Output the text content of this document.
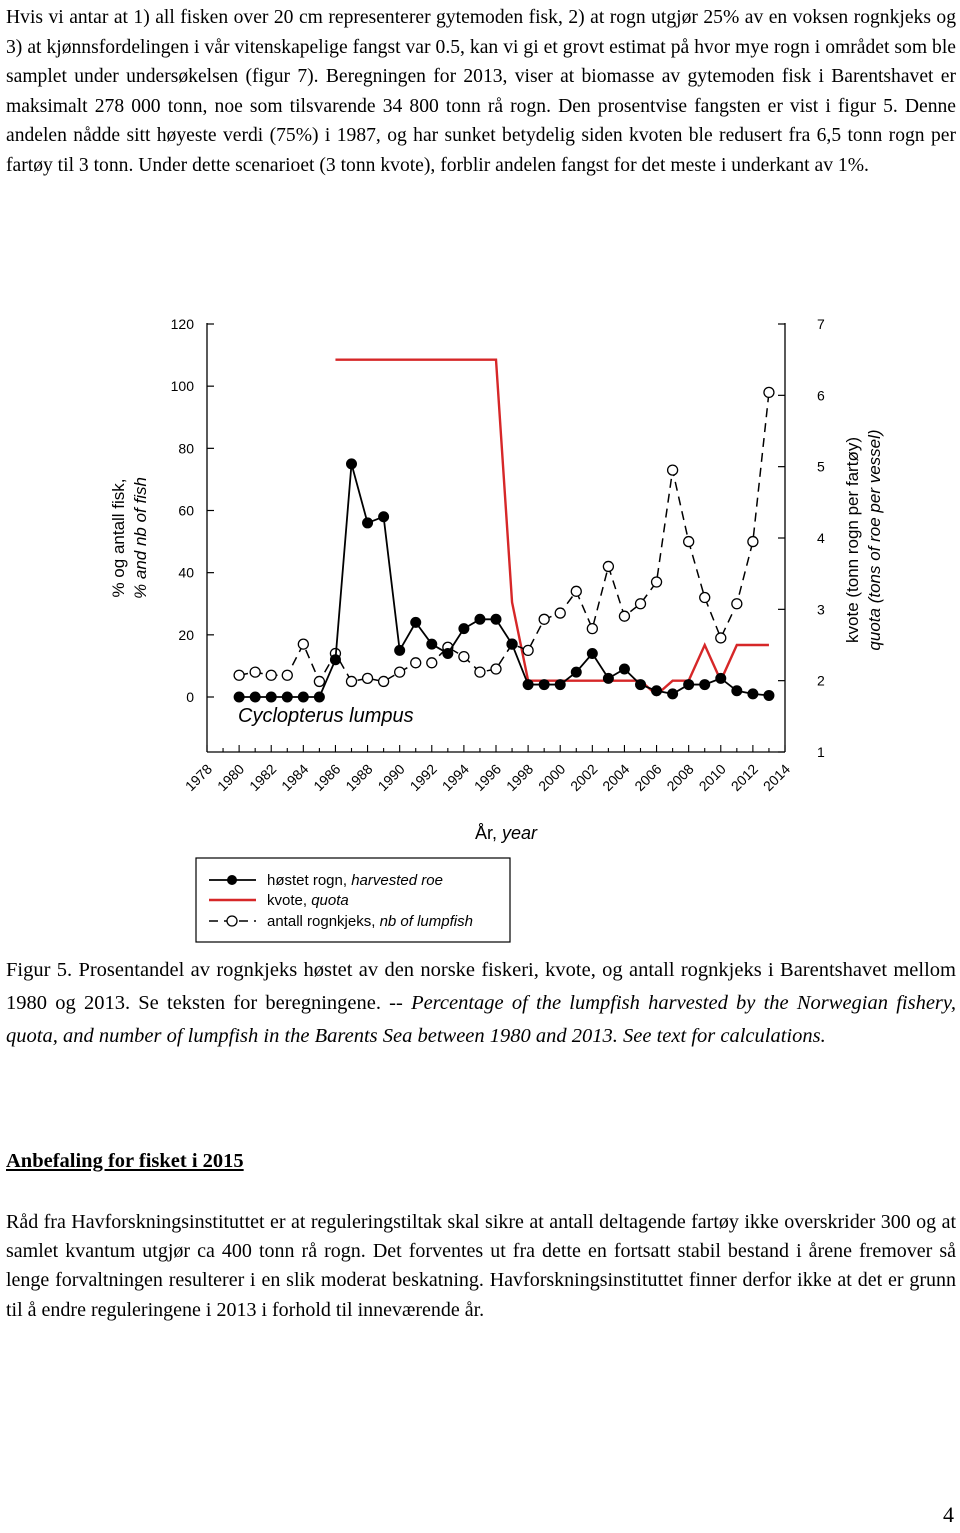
Hvis vi antar at 1) all fisken over 20 cm representerer gytemoden fisk, 2) at rogn utgjør 25% av en voksen rognkjeks og 3) at kjønnsfordelingen i vår vitenskapelige fangst var 0.5, kan vi gi et grovt estimat på hvor mye rogn i området som ble samplet under undersøkelsen (figur 7). Beregningen for 2013, viser at biomasse av gytemoden fisk i Barentshavet er maksimalt 278 000 tonn, noe som tilsvarende 34 800 tonn rå rogn. Den prosentvise fangsten er vist i figur 5. Denne andelen nådde sitt høyeste verdi (75%) i 1987, og har sunket betydelig siden kvoten ble redusert fra 6,5 tonn rogn per fartøy til 3 tonn. Under dette scenarioet (3 tonn kvote), forblir andelen fangst for det meste i underkant av 1%.

0
20
40
60
80
100
120
1
2
3
4
5
6
7
1978
1980
1982
1984
1986
1988
1990
1992
1994
1996
1998
2000
2002
2004
2006
2008
2010
2012
2014
% og antall fisk, % and nb of fish	kvote (tonn rogn per fartøy) quota (tons of roe per vessel)
År, year
Cyclopterus lumpus
høstet rogn, harvested roe
kvote, quota
antall rognkjeks, nb of lumpfish

Figur 5. Prosentandel av rognkjeks høstet av den norske fiskeri, kvote, og antall rognkjeks i Barentshavet mellom 1980 og 2013. Se teksten for beregningene. -- Percentage of the lumpfish harvested by the Norwegian fishery, quota, and number of lumpfish in the Barents Sea between 1980 and 2013. See text for calculations.

Anbefaling for fisket i 2015

Råd fra Havforskningsinstituttet er at reguleringstiltak skal sikre at antall deltagende fartøy ikke overskrider 300 og at samlet kvantum utgjør ca 400 tonn rå rogn. Det forventes ut fra dette en fortsatt stabil bestand i årene fremover så lenge forvaltningen resulterer i en slik moderat beskatning. Havforskningsinstituttet finner derfor ikke at det er grunn til å endre reguleringene i 2013 i forhold til inneværende år.

4
